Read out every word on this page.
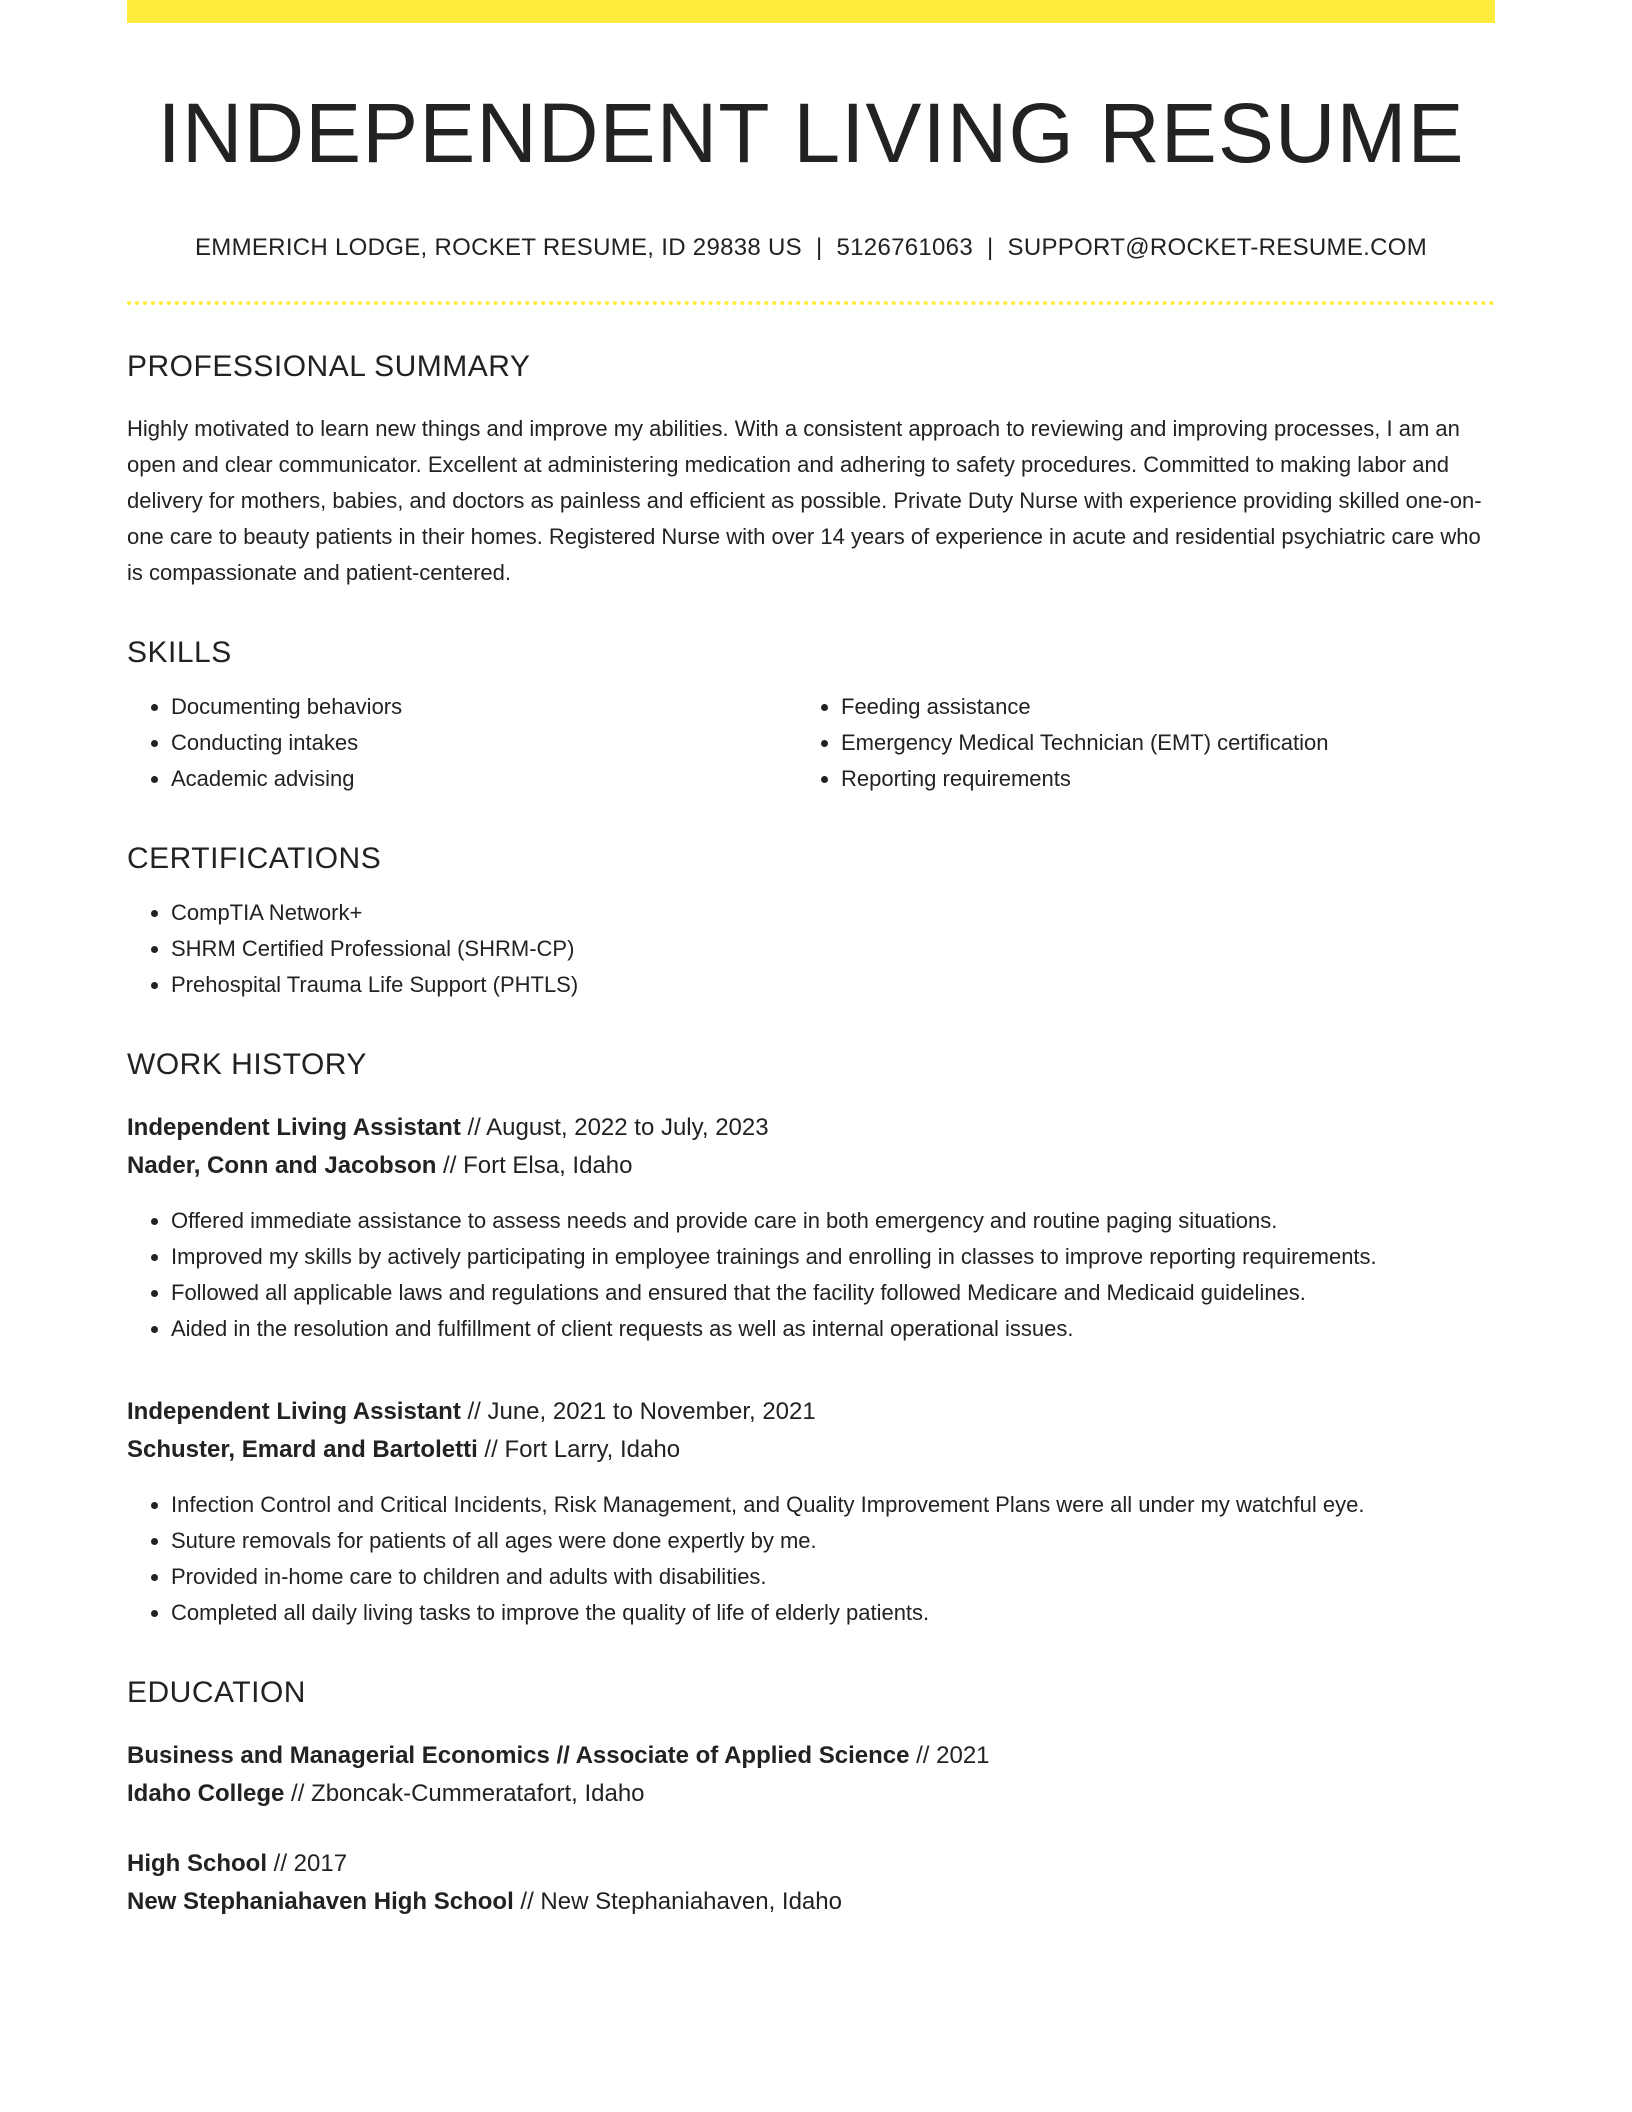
INDEPENDENT LIVING RESUME
EMMERICH LODGE, ROCKET RESUME, ID 29838 US | 5126761063 | SUPPORT@ROCKET-RESUME.COM
PROFESSIONAL SUMMARY

Highly motivated to learn new things and improve my abilities. With a consistent approach to reviewing and improving processes, I am an open and clear communicator. Excellent at administering medication and adhering to safety procedures. Committed to making labor and delivery for mothers, babies, and doctors as painless and efficient as possible. Private Duty Nurse with experience providing skilled one-on-one care to beauty patients in their homes. Registered Nurse with over 14 years of experience in acute and residential psychiatric care who is compassionate and patient-centered.

SKILLS
• Documenting behaviors
• Conducting intakes
• Academic advising
• Feeding assistance
• Emergency Medical Technician (EMT) certification
• Reporting requirements
CERTIFICATIONS
• CompTIA Network+
• SHRM Certified Professional (SHRM-CP)
• Prehospital Trauma Life Support (PHTLS)
WORK HISTORY
Independent Living Assistant // August, 2022 to July, 2023
Nader, Conn and Jacobson // Fort Elsa, Idaho
• Offered immediate assistance to assess needs and provide care in both emergency and routine paging situations.
• Improved my skills by actively participating in employee trainings and enrolling in classes to improve reporting requirements.
• Followed all applicable laws and regulations and ensured that the facility followed Medicare and Medicaid guidelines.
• Aided in the resolution and fulfillment of client requests as well as internal operational issues.
Independent Living Assistant // June, 2021 to November, 2021
Schuster, Emard and Bartoletti // Fort Larry, Idaho
• Infection Control and Critical Incidents, Risk Management, and Quality Improvement Plans were all under my watchful eye.
• Suture removals for patients of all ages were done expertly by me.
• Provided in-home care to children and adults with disabilities.
• Completed all daily living tasks to improve the quality of life of elderly patients.
EDUCATION
Business and Managerial Economics // Associate of Applied Science // 2021
Idaho College // Zboncak-Cummeratafort, Idaho
High School // 2017
New Stephaniahaven High School // New Stephaniahaven, Idaho
